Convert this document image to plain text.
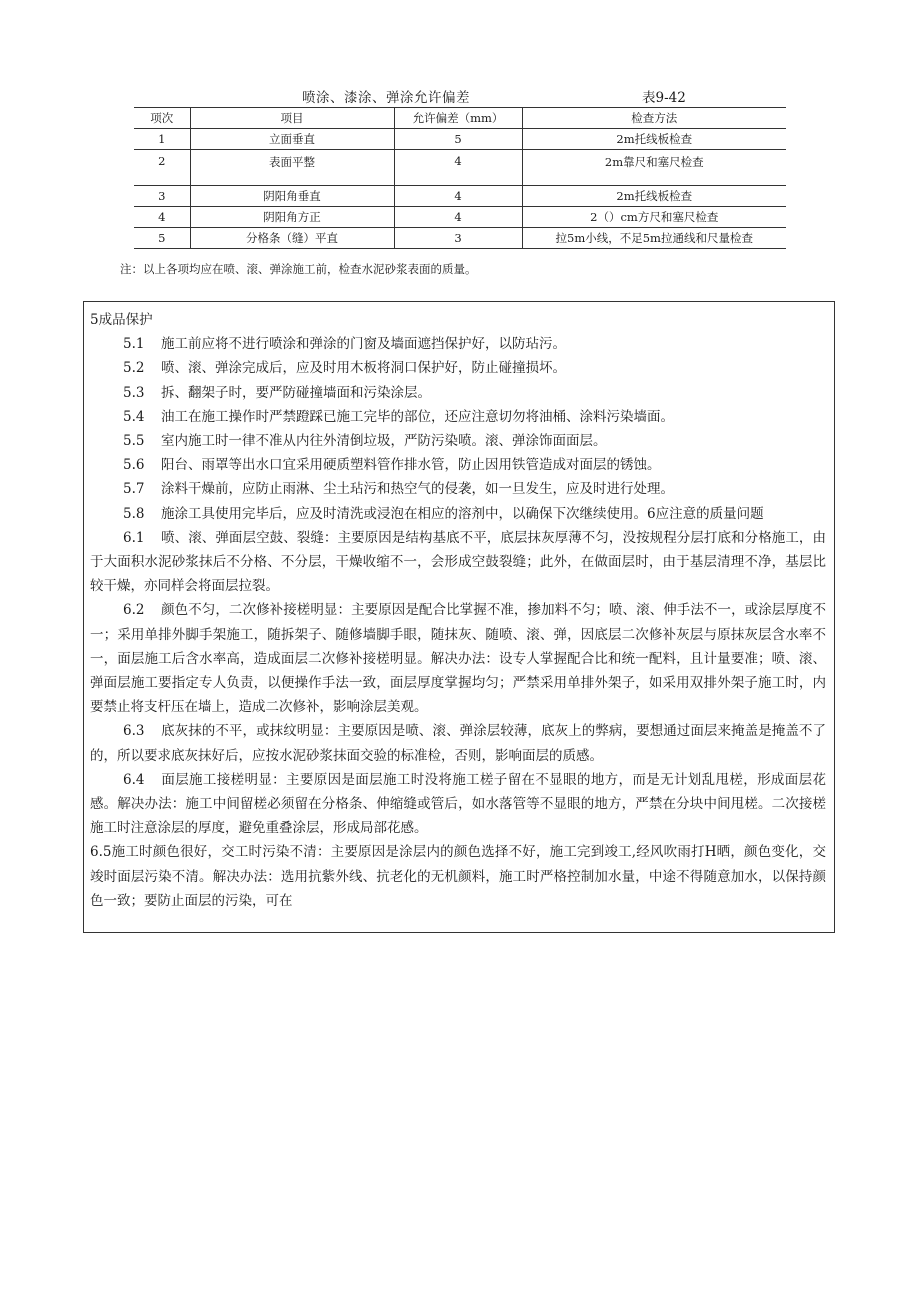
喷涂、漆涂、弹涂允许偏差	表9-42
项次	项目	允许偏差（mm）	检查方法
1	立面垂直	5	2m托线板检查
2	表面平整	4	2m靠尺和塞尺检查
3	阴阳角垂直	4	2m托线板检查
4	阴阳角方正	4	2（）cm方尺和塞尺检查
5	分格条（缝）平直	3	拉5m小线，不足5m拉通线和尺量检查
注：以上各项均应在喷、滚、弹涂施工前，检查水泥砂浆表面的质量。

5成品保护

5.1 施工前应将不进行喷涂和弹涂的门窗及墙面遮挡保护好，以防玷污。

5.2 喷、滚、弹涂完成后，应及时用木板将洞口保护好，防止碰撞损坏。

5.3 拆、翻架子时，要严防碰撞墙面和污染涂层。

5.4 油工在施工操作时严禁蹬踩已施工完毕的部位，还应注意切勿将油桶、涂料污染墙面。

5.5 室内施工时一律不准从内往外清倒垃圾，严防污染喷。滚、弹涂饰面面层。

5.6 阳台、雨罩等出水口宜采用硬质塑料管作排水管，防止因用铁管造成对面层的锈蚀。

5.7 涂料干燥前，应防止雨淋、尘土玷污和热空气的侵袭，如一旦发生，应及时进行处理。

5.8 施涂工具使用完毕后，应及时清洗或浸泡在相应的溶剂中，以确保下次继续使用。6应注意的质量问题

6.1 喷、滚、弹面层空鼓、裂缝：主要原因是结构基底不平，底层抹灰厚薄不匀，没按规程分层打底和分格施工，由于大面积水泥砂浆抹后不分格、不分层，干燥收缩不一，会形成空鼓裂缝；此外，在做面层时，由于基层清理不净，基层比较干燥，亦同样会将面层拉裂。

6.2 颜色不匀，二次修补接槎明显：主要原因是配合比掌握不准，掺加料不匀；喷、滚、伸手法不一，或涂层厚度不一；采用单排外脚手架施工，随拆架子、随修墙脚手眼，随抹灰、随喷、滚、弹，因底层二次修补灰层与原抹灰层含水率不一，面层施工后含水率高，造成面层二次修补接槎明显。解决办法：设专人掌握配合比和统一配料，且计量要准；喷、滚、弹面层施工要指定专人负责，以便操作手法一致，面层厚度掌握均匀；严禁采用单排外架子，如采用双排外架子施工时，内要禁止将支杆压在墙上，造成二次修补，影响涂层美观。

6.3 底灰抹的不平，或抹纹明显：主要原因是喷、滚、弹涂层较薄，底灰上的弊病，要想通过面层来掩盖是掩盖不了的，所以要求底灰抹好后，应按水泥砂浆抹面交验的标准检，否则，影响面层的质感。

6.4 面层施工接槎明显：主要原因是面层施工时没将施工槎子留在不显眼的地方，而是无计划乱甩槎，形成面层花感。解决办法：施工中间留槎必须留在分格条、伸缩缝或管后，如水落管等不显眼的地方，严禁在分块中间甩槎。二次接槎施工时注意涂层的厚度，避免重叠涂层，形成局部花感。

6.5施工时颜色很好，交工时污染不清：主要原因是涂层内的颜色选择不好，施工完到竣工,经风吹雨打H晒，颜色变化，交竣时面层污染不清。解决办法：选用抗紫外线、抗老化的无机颜料，施工时严格控制加水量，中途不得随意加水，以保持颜色一致；要防止面层的污染，可在
